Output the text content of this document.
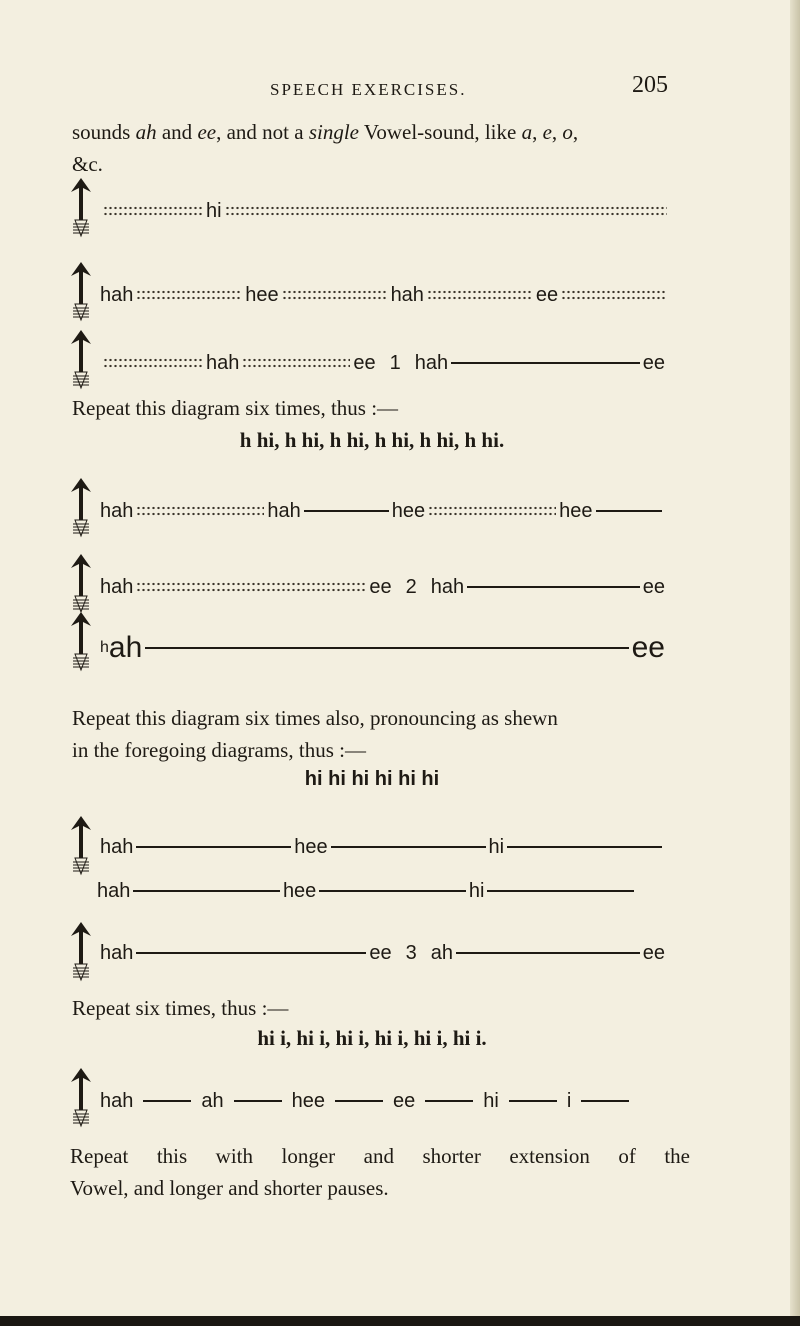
SPEECH EXERCISES.	205
sounds ah and ee, and not a single Vowel-sound, like a, e, o,
&c.
hi
hah	hee	hah	ee
hah	ee 1 hah	ee
Repeat this diagram six times, thus :—
h hi, h hi, h hi, h hi, h hi, h hi.
hah	hah	hee	hee
hah	ee 2 hah	ee
h ah	ee
Repeat this diagram six times also, pronouncing as shewn
in the foregoing diagrams, thus :—
hi hi hi hi hi hi
hah	hee	hi
hah	hee	hi
hah	ee 3 ah	ee
Repeat six times, thus :—
hi i, hi i, hi i, hi i, hi i, hi i.
hah	ah	hee	ee	hi	i
Repeat this with longer and shorter extension of the
Vowel, and longer and shorter pauses.
